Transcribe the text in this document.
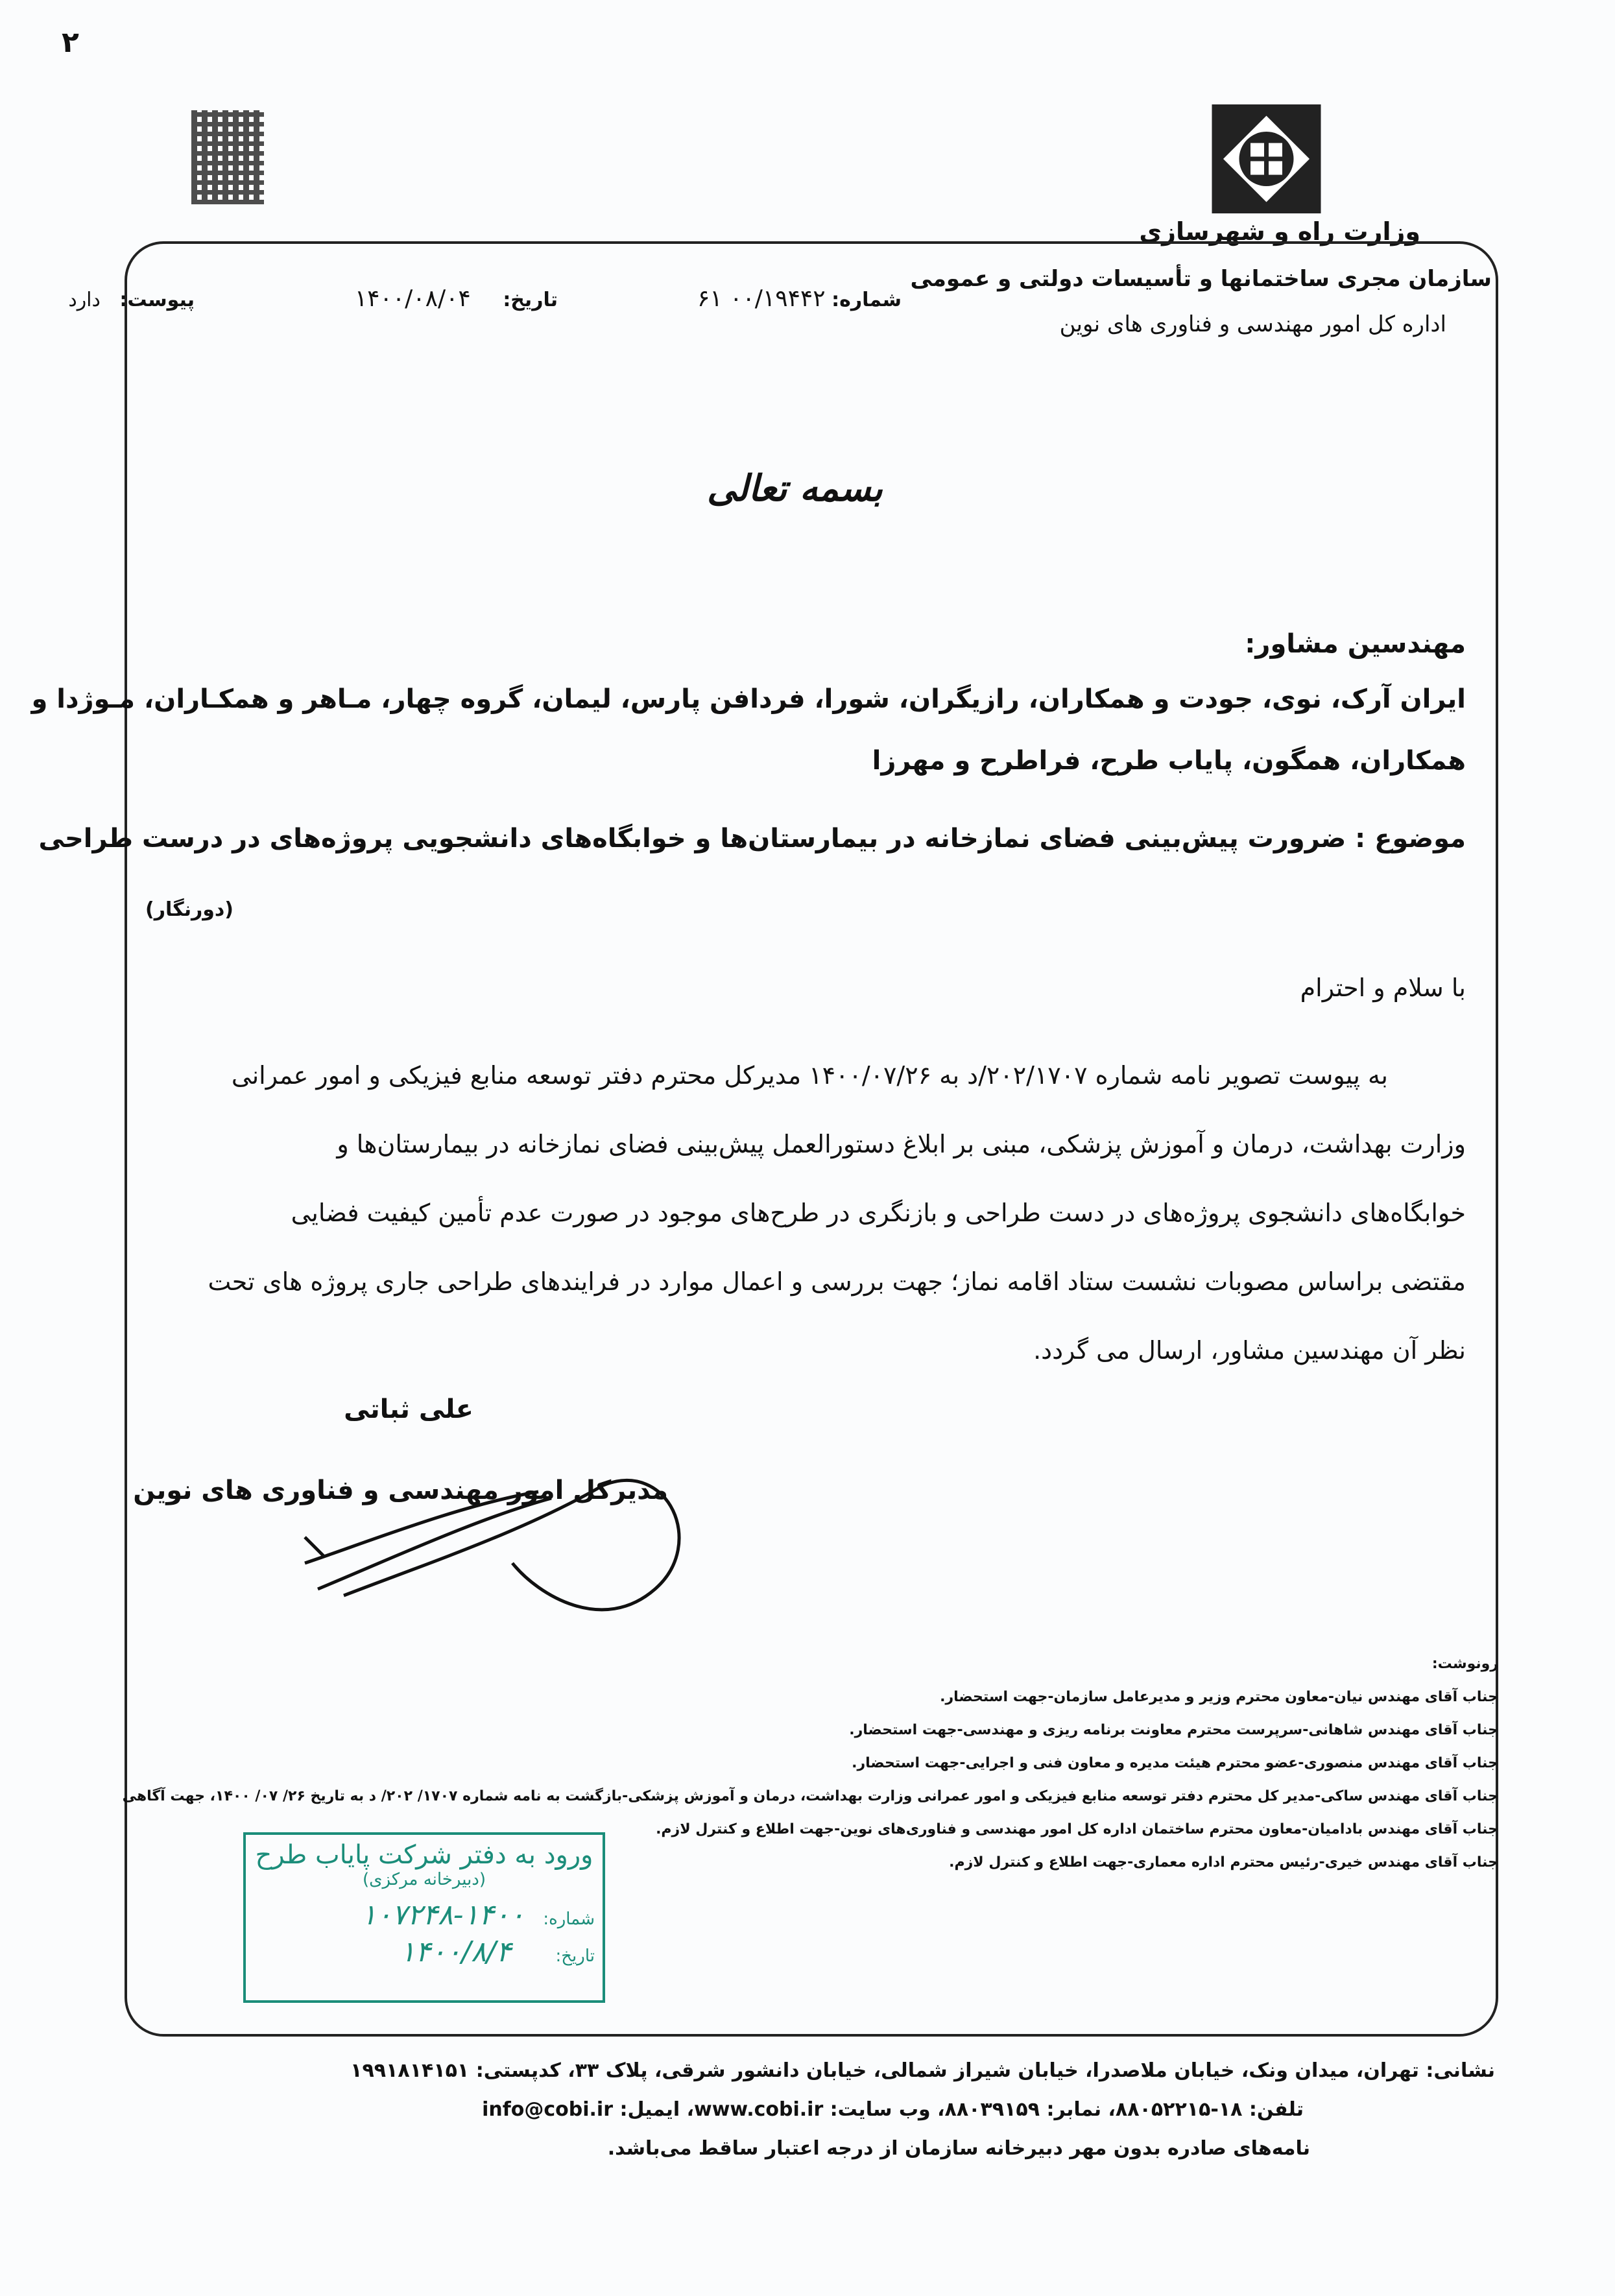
۲
وزارت راه و شهرسازی
سازمان مجری ساختمانها و تأسیسات دولتی و عمومی
اداره کل امور مهندسی و فناوری های نوین
شماره: ۰۰/۱۹۴۴۲ ۶۱
تاریخ: ۱۴۰۰/۰۸/۰۴
پیوست: دارد
بسمه تعالی
مهندسین مشاور:
ایران آرک، نوی، جودت و همکاران، رازیگران، شورا، فردافن پارس، لیمان، گروه چهار، مـاهر و همکـاران، مـوژدا و
همکاران، همگون، پایاب طرح، فراطرح و مهرزا
موضوع : ضرورت پیش‌بینی فضای نمازخانه در بیمارستان‌ها و خوابگاه‌های دانشجویی پروژه‌های در درست طراحی
(دورنگار)
با سلام و احترام
به پیوست تصویر نامه شماره ۲۰۲/۱۷۰۷/د به ۱۴۰۰/۰۷/۲۶ مدیرکل محترم دفتر توسعه منابع فیزیکی و امور عمرانی
وزارت بهداشت، درمان و آموزش پزشکی، مبنی بر ابلاغ دستورالعمل پیش‌بینی فضای نمازخانه در بیمارستان‌ها و
خوابگاه‌های دانشجوی پروژه‌های در دست طراحی و بازنگری در طرح‌های موجود در صورت عدم تأمین کیفیت فضایی
مقتضی براساس مصوبات نشست ستاد اقامه نماز؛ جهت بررسی و اعمال موارد در فرایندهای طراحی جاری پروژه های تحت
نظر آن مهندسین مشاور، ارسال می گردد.
علی ثباتی
مدیرکل امور مهندسی و فناوری های نوین
رونوشت:
جناب آقای مهندس نیان-معاون محترم وزیر و مدیرعامل سازمان-جهت استحضار.
جناب آقای مهندس شاهانی-سرپرست محترم معاونت برنامه ریزی و مهندسی-جهت استحضار.
جناب آقای مهندس منصوری-عضو محترم هیئت مدیره و معاون فنی و اجرایی-جهت استحضار.
جناب آقای مهندس ساکی-مدیر کل محترم دفتر توسعه منابع فیزیکی و امور عمرانی وزارت بهداشت، درمان و آموزش پزشکی-بازگشت به نامه شماره ۱۷۰۷/ ۲۰۲/ د به تاریخ ۲۶/ ۰۷/ ۱۴۰۰، جهت آگاهی
جناب آقای مهندس بادامیان-معاون محترم ساختمان اداره کل امور مهندسی و فناوری‌های نوین-جهت اطلاع و کنترل لازم.
جناب آقای مهندس خیری-رئیس محترم اداره معماری-جهت اطلاع و کنترل لازم.
ورود به دفتر شرکت پایاب طرح
(دبیرخانه مرکزی)
شماره: ۱۴۰۰-۱۰۷۲۴۸
تاریخ: ۱۴۰۰/۸/۴
نشانی: تهران، میدان ونک، خیابان ملاصدرا، خیابان شیراز شمالی، خیابان دانشور شرقی، پلاک ۳۳، کدپستی: ۱۹۹۱۸۱۴۱۵۱
تلفن: ۱۸-۸۸۰۵۲۲۱۵، نمابر: ۸۸۰۳۹۱۵۹، وب سایت: www.cobi.ir، ایمیل: info@cobi.ir
نامه‌های صادره بدون مهر دبیرخانه سازمان از درجه اعتبار ساقط می‌باشد.
